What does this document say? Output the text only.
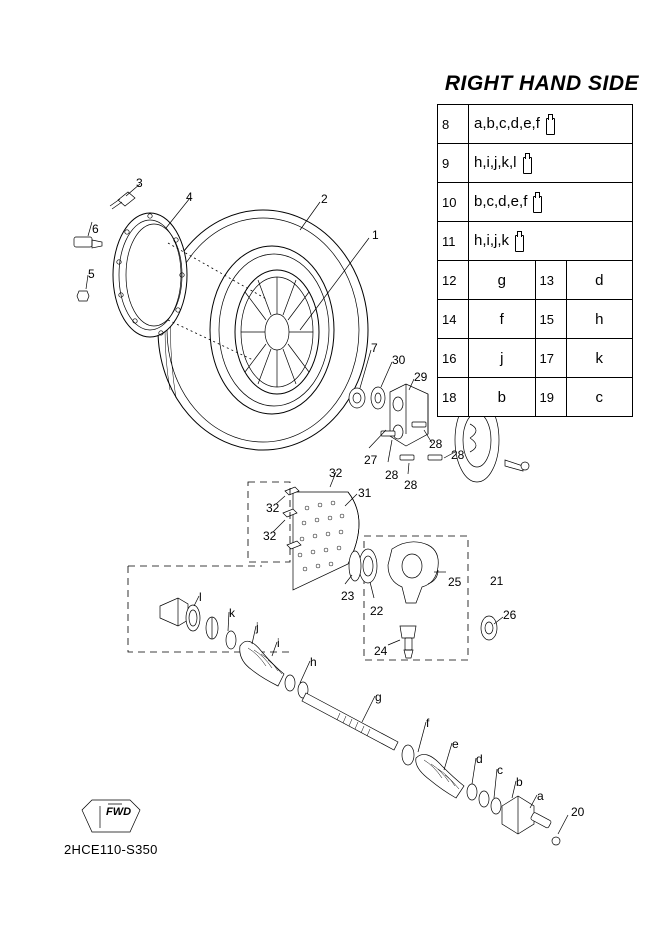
RIGHT HAND SIDE
8	a,b,c,d,e,f		
9	h,i,j,k,l		
10	b,c,d,e,f		
11	h,i,j,k		
12	g	13	d
14	f	15	h
16	j	17	k
18	b	19	c
3
4
6
5
2
1
7
30
29
27
28
28
28
28
32
31
32
32
23
22
25 21
26
24
20
l
k
j
i
h
g
f
e
d
c
b
a
FWD
2HCE110-S350
